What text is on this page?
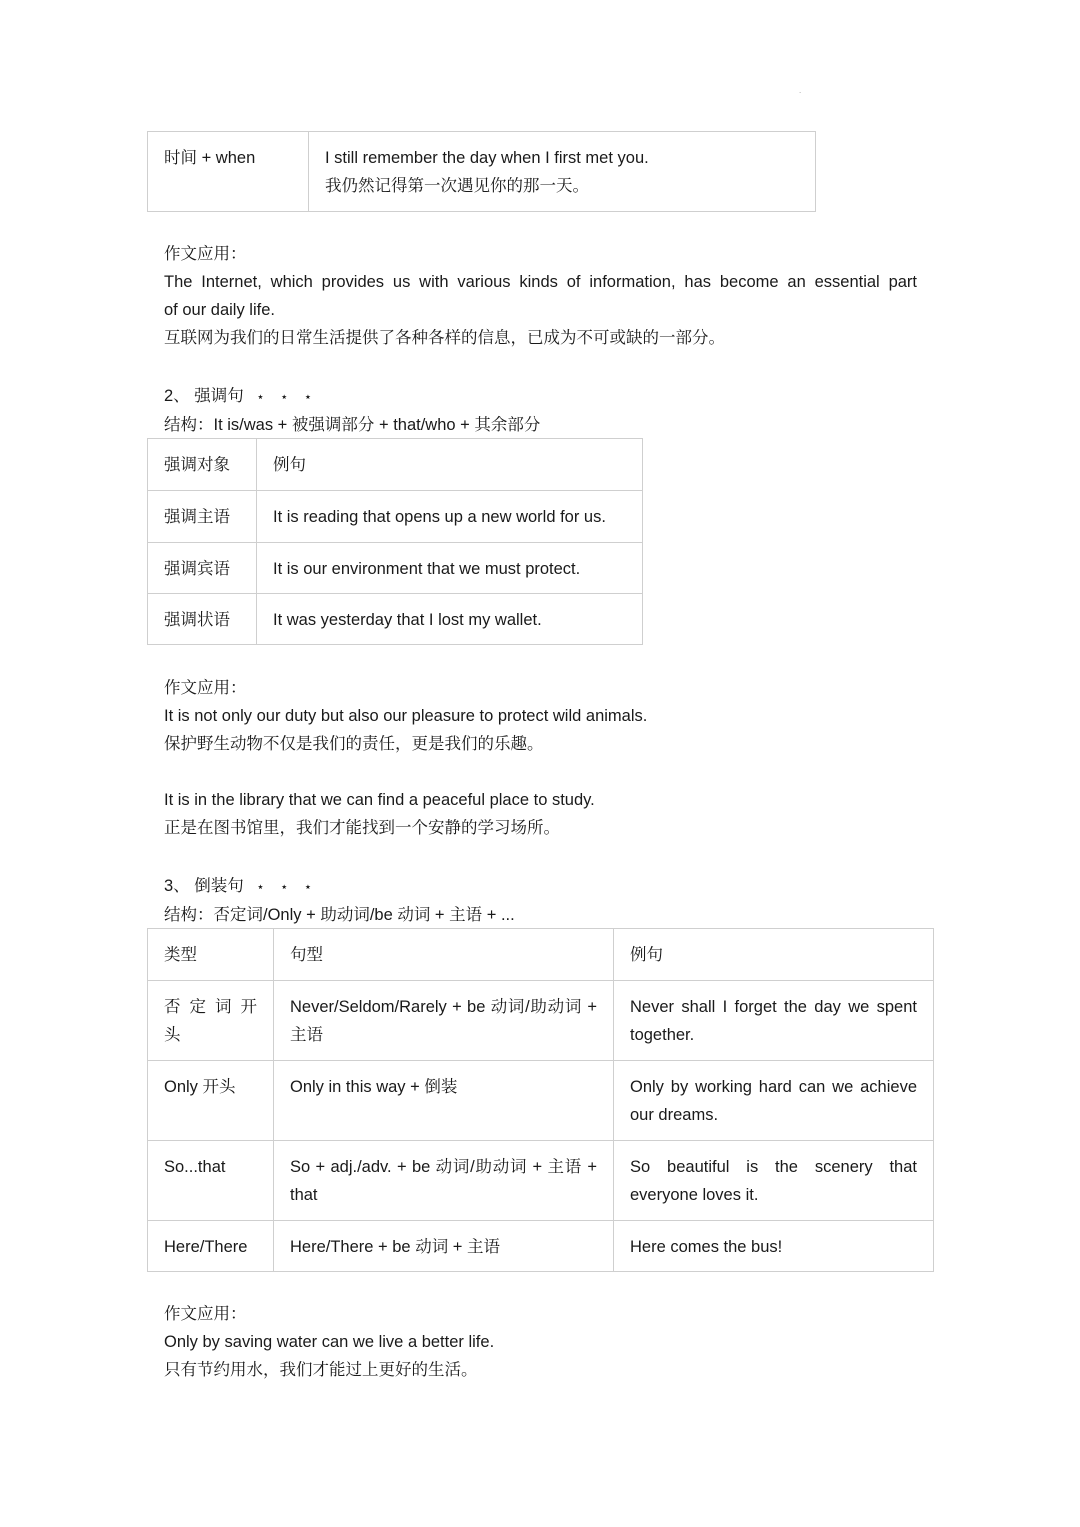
.
时间 + when	I still remember the day when I first met you.
我仍然记得第一次遇见你的那一天。
作文应用：
The Internet, which provides us with various kinds of information, has become an essential part
of our daily life.
互联网为我们的日常生活提供了各种各样的信息，已成为不可或缺的一部分。
2、 强调句 ⋆ ⋆ ⋆
结构：It is/was + 被强调部分 + that/who + 其余部分
强调对象	例句
强调主语	It is reading that opens up a new world for us.
强调宾语	It is our environment that we must protect.
强调状语	It was yesterday that I lost my wallet.
作文应用：
It is not only our duty but also our pleasure to protect wild animals.
保护野生动物不仅是我们的责任，更是我们的乐趣。
It is in the library that we can find a peaceful place to study.
正是在图书馆里，我们才能找到一个安静的学习场所。
3、 倒装句 ⋆ ⋆ ⋆
结构：否定词/Only + 助动词/be 动词 + 主语 + ...
类型	句型	例句
否 定 词 开 头	Never/Seldom/Rarely + be 动词/助动词 + 主语	Never shall I forget the day we spent together.
Only 开头	Only in this way + 倒装	Only by working hard can we achieve our dreams.
So...that	So + adj./adv. + be 动词/助动词 + 主语 + that	So beautiful is the scenery that everyone loves it.
Here/There	Here/There + be 动词 + 主语	Here comes the bus!
作文应用：
Only by saving water can we live a better life.
只有节约用水，我们才能过上更好的生活。
